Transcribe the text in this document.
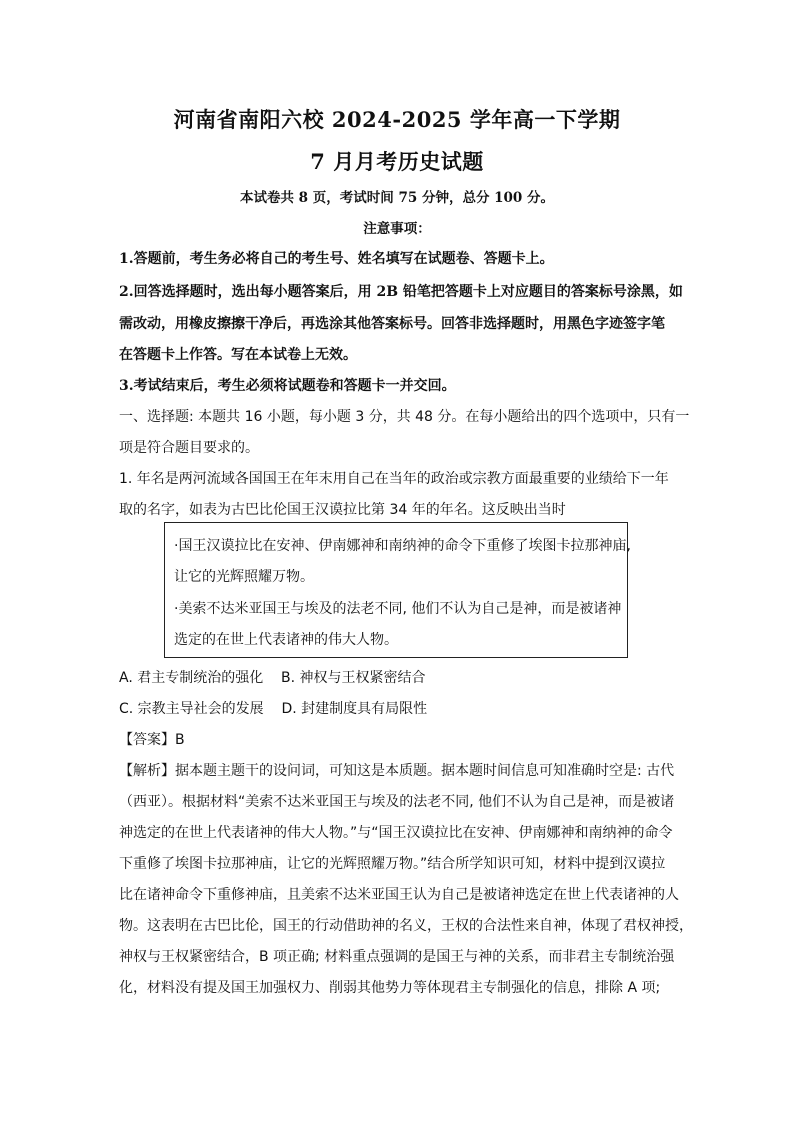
河南省南阳六校 2024-2025 学年高一下学期
7 月月考历史试题
本试卷共 8 页，考试时间 75 分钟，总分 100 分。
注意事项：
1.答题前，考生务必将自己的考生号、姓名填写在试题卷、答题卡上。
2.回答选择题时，选出每小题答案后，用 2B 铅笔把答题卡上对应题目的答案标号涂黑，如
需改动，用橡皮擦擦干净后，再选涂其他答案标号。回答非选择题时，用黑色字迹签字笔
在答题卡上作答。写在本试卷上无效。
3.考试结束后，考生必须将试题卷和答题卡一并交回。
一、选择题: 本题共 16 小题，每小题 3 分，共 48 分。在每小题给出的四个选项中，只有一
项是符合题目要求的。
1. 年名是两河流域各国国王在年末用自己在当年的政治或宗教方面最重要的业绩给下一年
取的名字，如表为古巴比伦国王汉谟拉比第 34 年的年名。这反映出当时
·国王汉谟拉比在安神、伊南娜神和南纳神的命令下重修了埃图卡拉那神庙,
让它的光辉照耀万物。
·美索不达米亚国王与埃及的法老不同, 他们不认为自己是神，而是被诸神
选定的在世上代表诸神的伟大人物。
A. 君主专制统治的强化    B. 神权与王权紧密结合
C. 宗教主导社会的发展    D. 封建制度具有局限性
【答案】B
【解析】据本题主题干的设问词，可知这是本质题。据本题时间信息可知准确时空是: 古代
（西亚）。根据材料“美索不达米亚国王与埃及的法老不同, 他们不认为自己是神，而是被诸
神选定的在世上代表诸神的伟大人物。”与“国王汉谟拉比在安神、伊南娜神和南纳神的命令
下重修了埃图卡拉那神庙，让它的光辉照耀万物。”结合所学知识可知，材料中提到汉谟拉
比在诸神命令下重修神庙，且美索不达米亚国王认为自己是被诸神选定在世上代表诸神的人
物。这表明在古巴比伦，国王的行动借助神的名义，王权的合法性来自神，体现了君权神授，
神权与王权紧密结合，B 项正确; 材料重点强调的是国王与神的关系，而非君主专制统治强
化，材料没有提及国王加强权力、削弱其他势力等体现君主专制强化的信息，排除 A 项;
